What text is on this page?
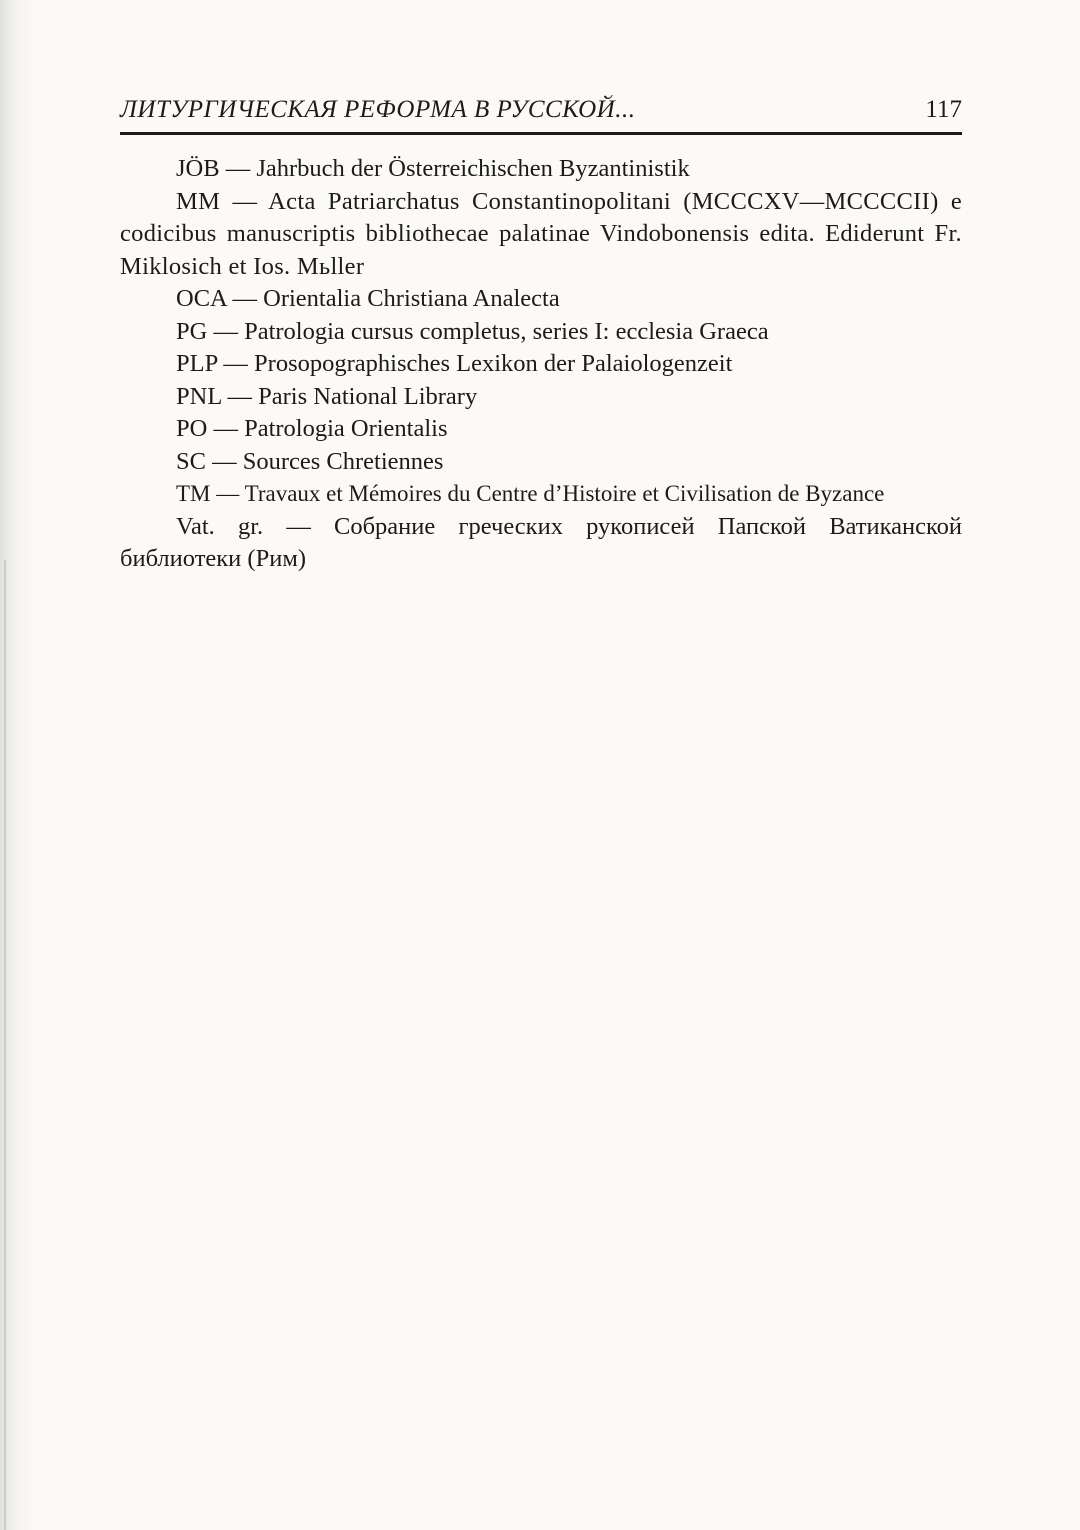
ЛИТУРГИЧЕСКАЯ РЕФОРМА В РУССКОЙ...	117

JÖB — Jahrbuch der Österreichischen Byzantinistik

MM — Acta Patriarchatus Constantinopolitani (MCCCXV—MCCCCII) e codicibus manuscriptis bibliothecae palatinae Vindobonensis edita. Ediderunt Fr. Miklosich et Ios. Мьller

OCA — Orientalia Christiana Analecta

PG — Patrologia cursus completus, series I: ecclesia Graeca

PLP — Prosopographisches Lexikon der Palaiologenzeit

PNL — Paris National Library

PO — Patrologia Orientalis

SC — Sources Chretiennes

TM — Travaux et Mémoires du Centre d’Histoire et Civilisation de Byzance

Vat. gr. — Собрание греческих рукописей Папской Ватиканской библиотеки (Рим)
